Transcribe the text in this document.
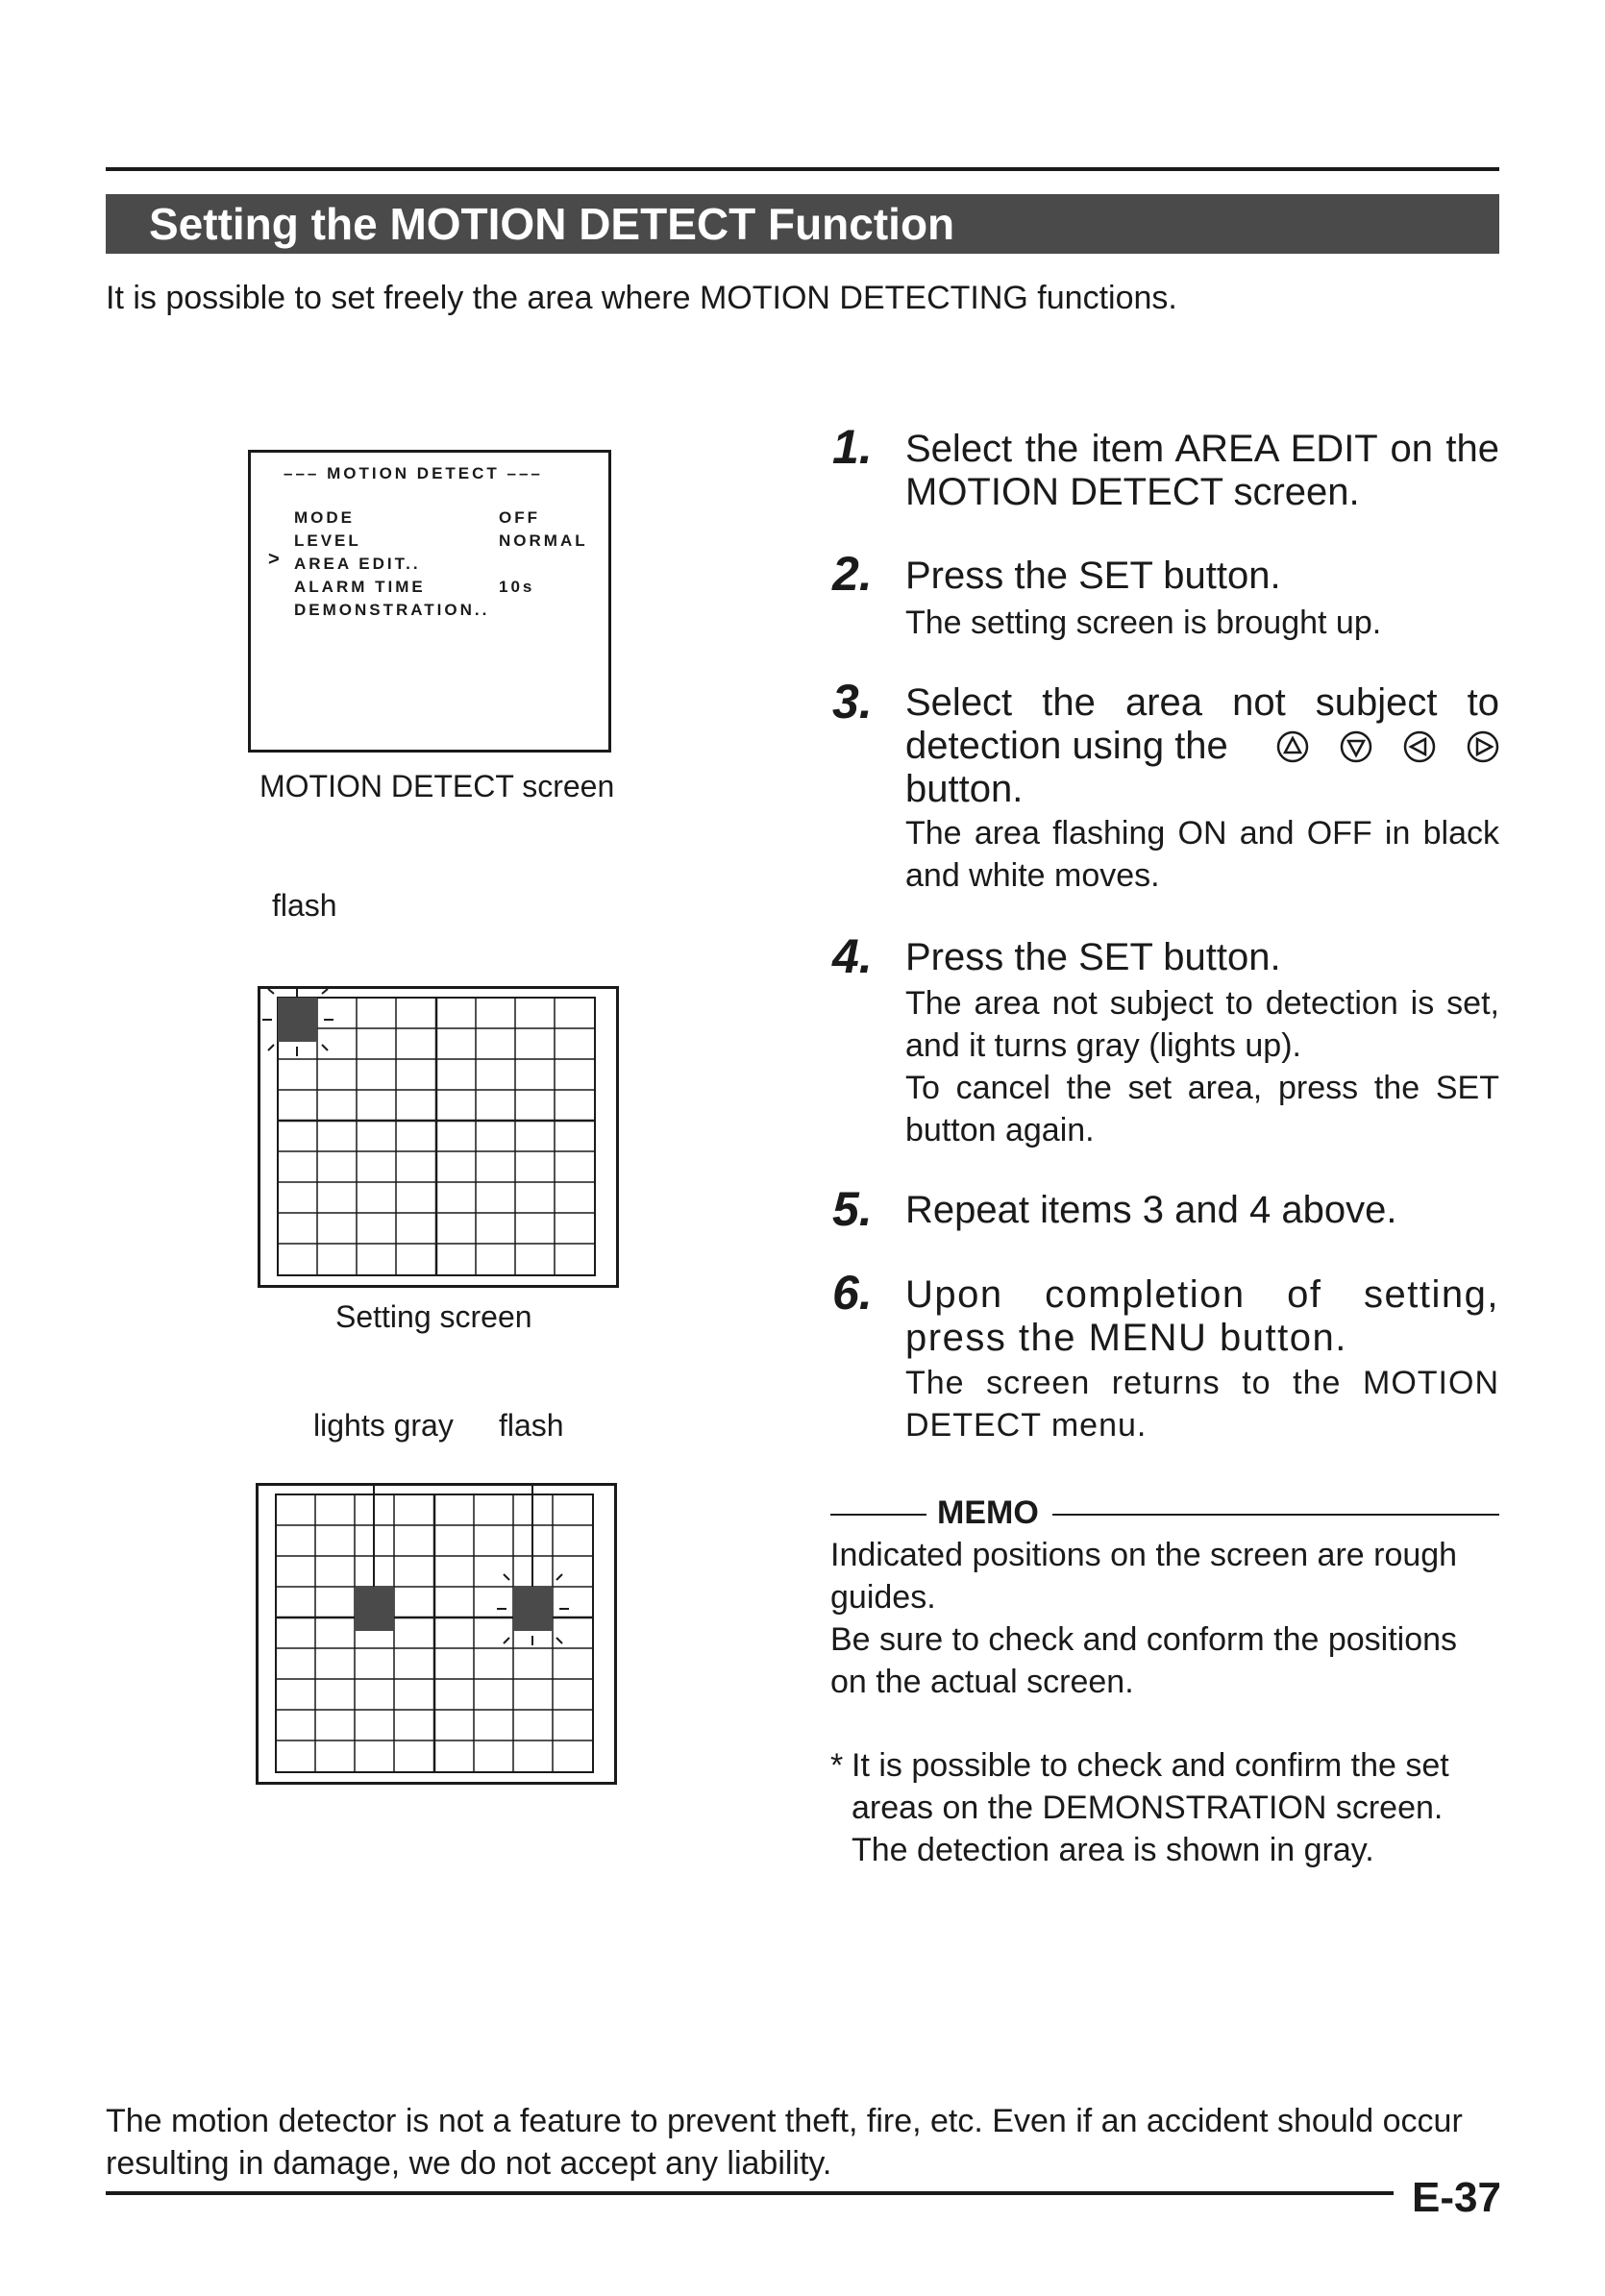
Setting the MOTION DETECT Function
It is possible to set freely the area where MOTION DETECTING functions.
––– MOTION DETECT –––
>
MODE	OFF
LEVEL	NORMAL
AREA EDIT..
ALARM TIME	10s
DEMONSTRATION..
MOTION DETECT screen
flash
Setting screen
lights gray flash
1. Select the item AREA EDIT on the MOTION DETECT screen.
2. Press the SET button.
The setting screen is brought up.
3. Select the area not subject to
detection using the
button.
The area flashing ON and OFF in black and white moves.
4. Press the SET button.
The area not subject to detection is set, and it turns gray (lights up).
To cancel the set area, press the SET button again.
5. Repeat items 3 and 4 above.
6. Upon completion of setting, press the MENU button.
The screen returns to the MOTION DETECT menu.
MEMO
Indicated positions on the screen are rough guides.
Be sure to check and conform the positions on the actual screen.
* It is possible to check and confirm the set areas on the DEMONSTRATION screen. The detection area is shown in gray.
The motion detector is not a feature to prevent theft, fire, etc. Even if an accident should occur resulting in damage, we do not accept any liability.
E-37
